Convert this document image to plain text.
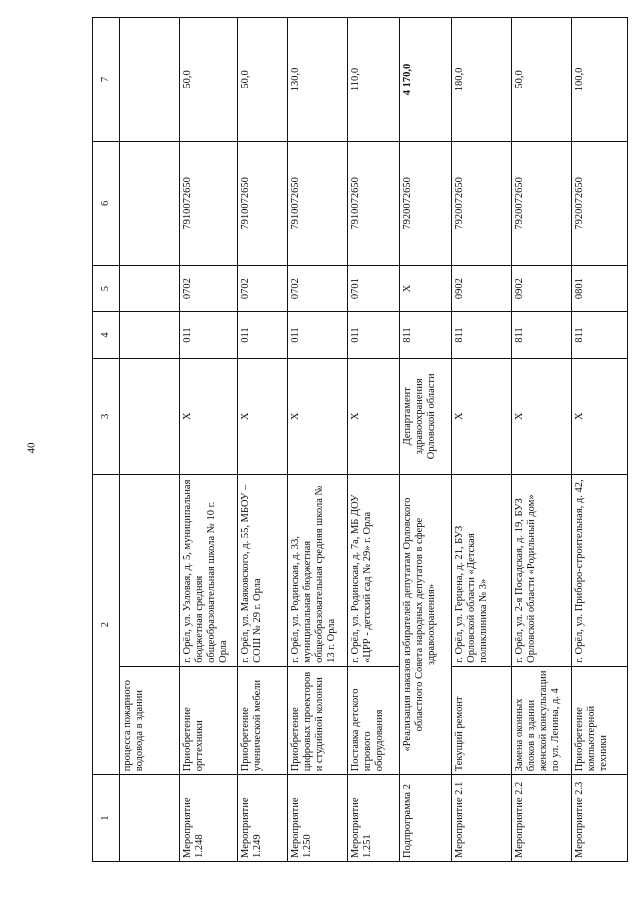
40
1	2		3	4	5	6	7
	процесса пожарного водовода в здании						
Мероприятие 1.248	Приобретение оргтехники	г. Орёл, ул. Узловая, д. 5, муниципальная бюджетная средняя общеобразовательная школа № 10 г. Орла	X	011	0702	7910072650	50,0
Мероприятие 1.249	Приобретение ученической мебели	г. Орёл, ул. Маяковского, д. 55, МБОУ – СОШ № 29 г. Орла	X	011	0702	7910072650	50,0
Мероприятие 1.250	Приобретение цифровых проекторов и студийной колонки	г. Орёл, ул. Родинская, д. 33, муниципальная бюджетная общеобразовательная средняя школа № 13 г. Орла	X	011	0702	7910072650	130,0
Мероприятие 1.251	Поставка детского игрового оборудования	г. Орёл, ул. Родинская, д. 7а, МБ ДОУ «ЦРР - детский сад № 29» г. Орла	X	011	0701	7910072650	110,0
Подпрограмма 2	«Реализация наказов избирателей депутатам Орловского областного Совета народных депутатов в сфере здравоохранения»		Департамент здравоохранения Орловской области	811	X	7920072650	4 170,0
Мероприятие 2.1	Текущий ремонт	г. Орёл, ул. Герцена, д. 21, БУЗ Орловской области «Детская поликлиника № 3»	X	811	0902	7920072650	180,0
Мероприятие 2.2	Замена оконных блоков в здании женской консультации по ул. Ленина, д. 4	г. Орёл, ул. 2-я Посадская, д. 19, БУЗ Орловской области «Родильный дом»	X	811	0902	7920072650	50,0
Мероприятие 2.3	Приобретение компьютерной техники	г. Орёл, ул. Приборо-строительная, д. 42,	X	811	0801	7920072650	100,0
